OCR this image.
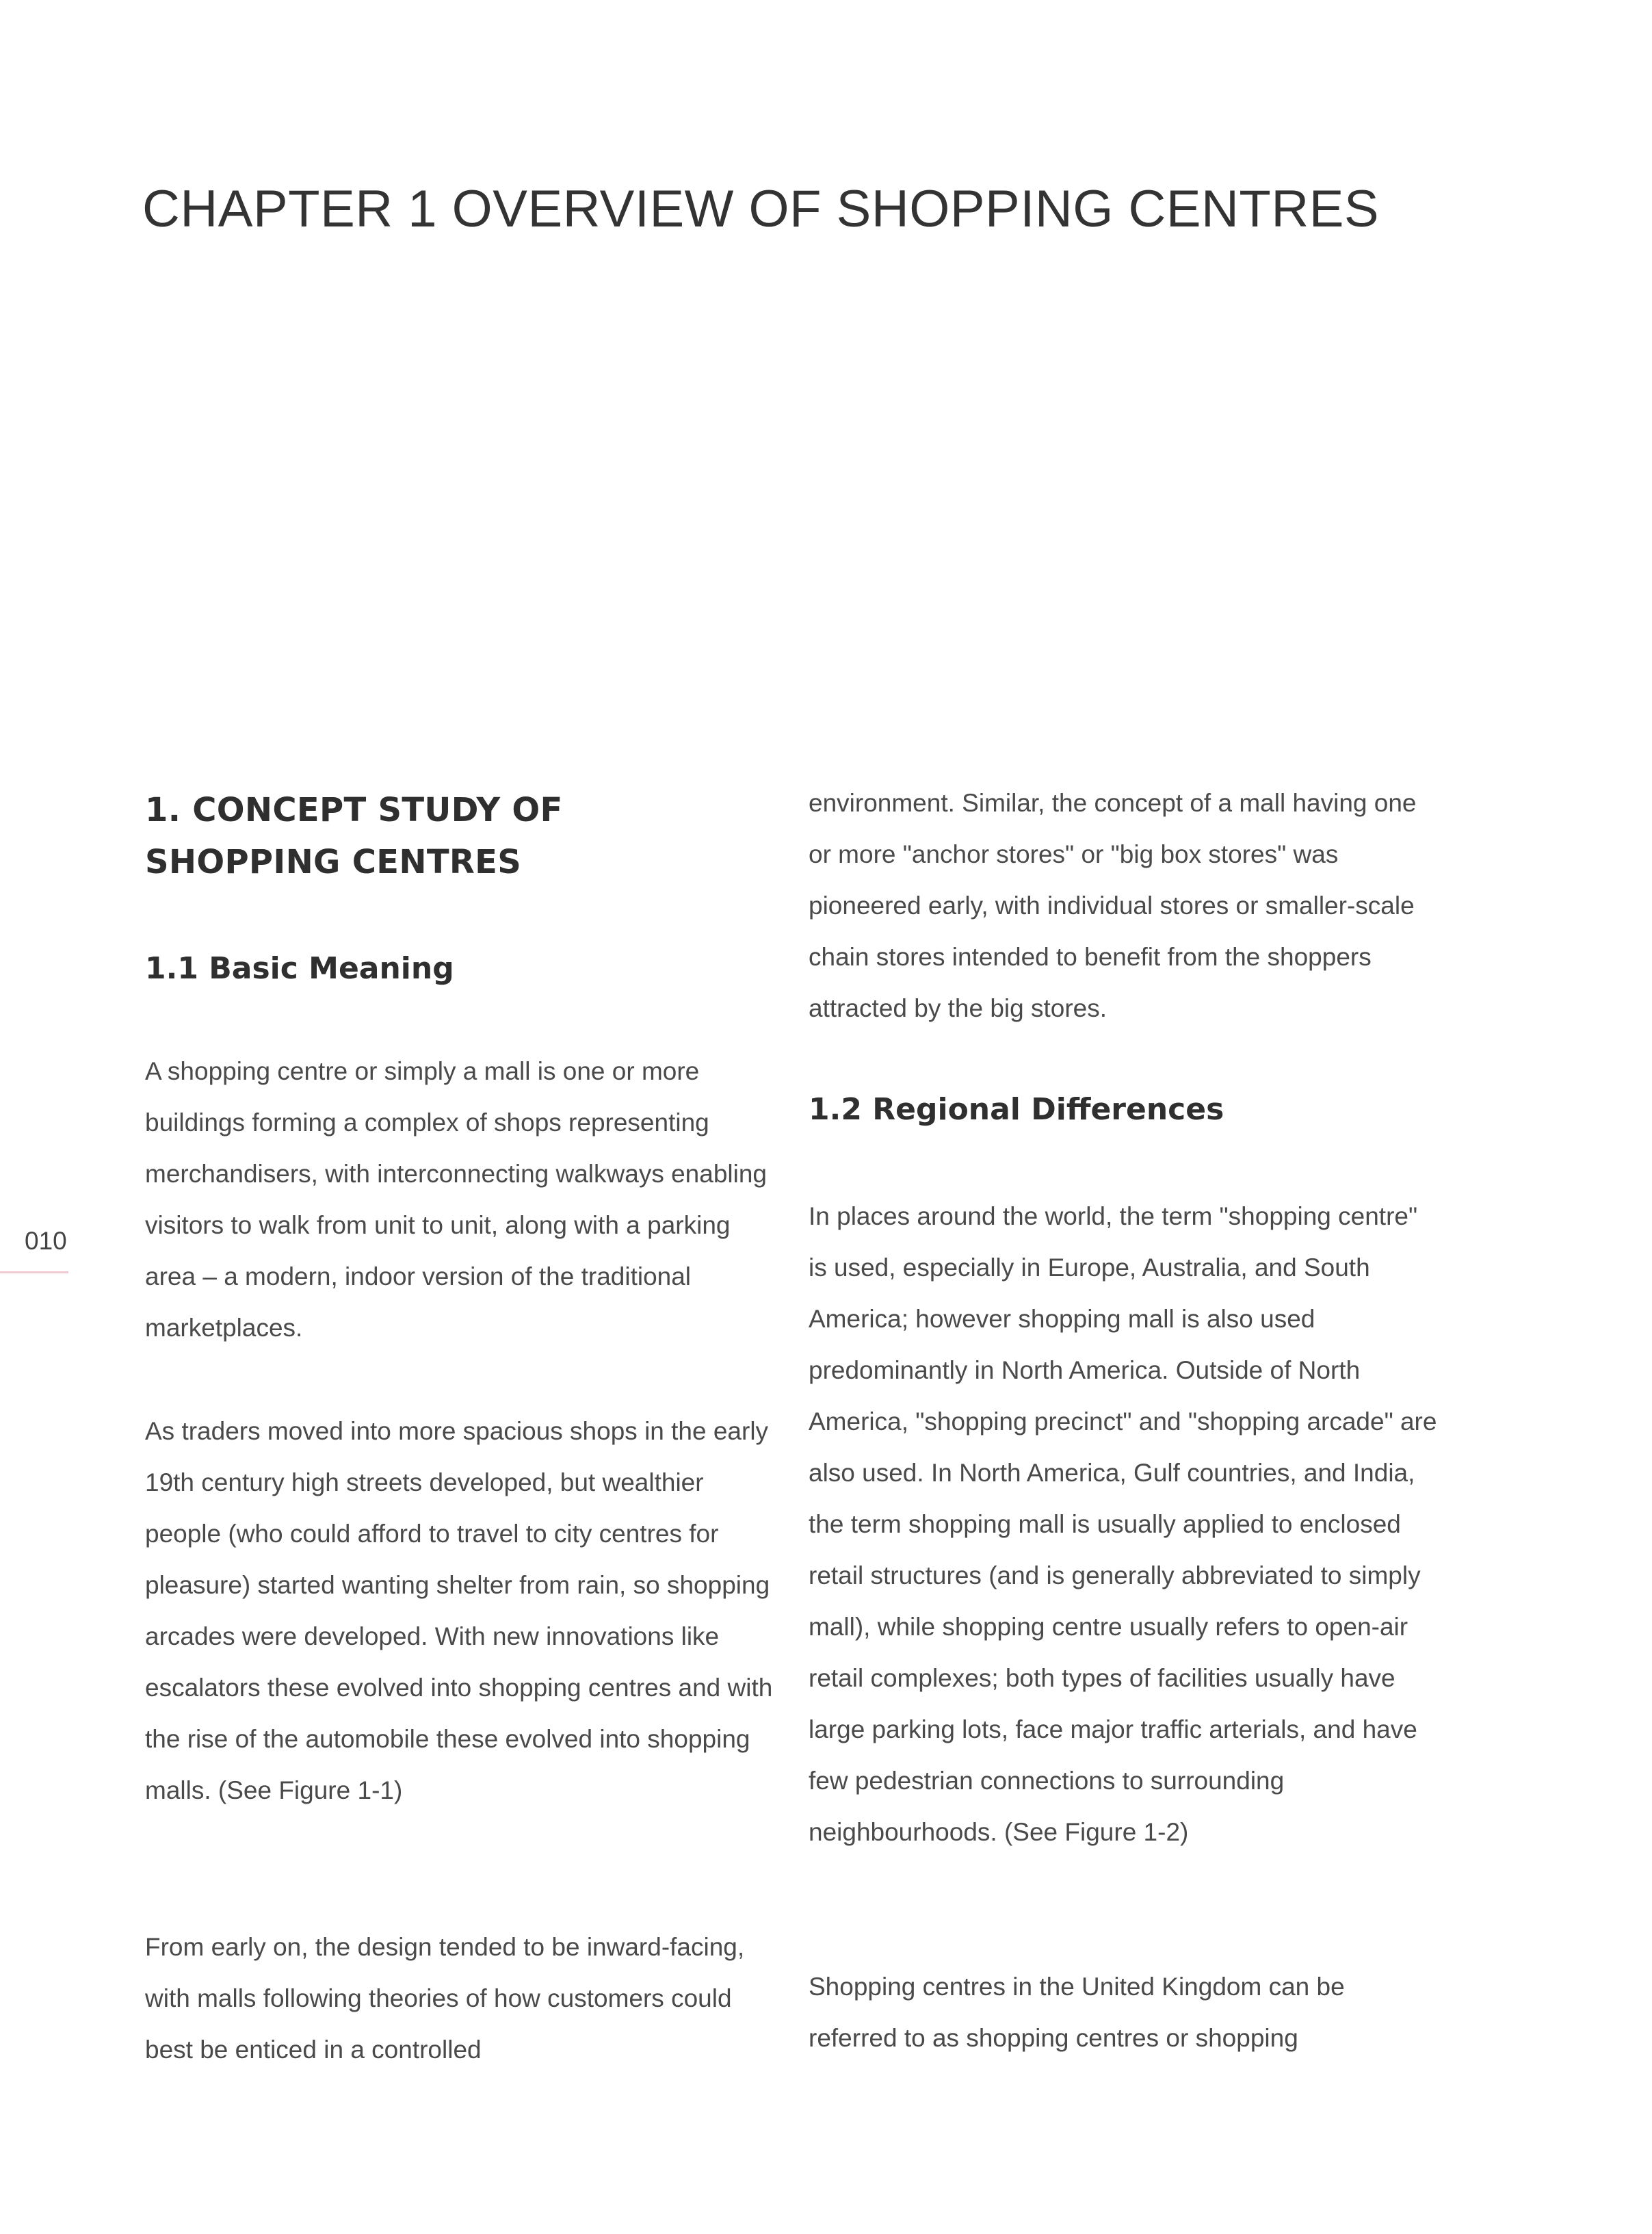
CHAPTER 1 OVERVIEW OF SHOPPING CENTRES
010
1. CONCEPT STUDY OF SHOPPING CENTRES
1.1 Basic Meaning

A shopping centre or simply a mall is one or more buildings forming a complex of shops representing merchandisers, with interconnecting walkways enabling visitors to walk from unit to unit, along with a parking area – a modern, indoor version of the traditional marketplaces.

As traders moved into more spacious shops in the early 19th century high streets developed, but wealthier people (who could afford to travel to city centres for pleasure) started wanting shelter from rain, so shopping arcades were developed. With new innovations like escalators these evolved into shopping centres and with the rise of the automobile these evolved into shopping malls. (See Figure 1-1)

From early on, the design tended to be inward-facing, with malls following theories of how customers could best be enticed in a controlled

environment. Similar, the concept of a mall having one or more "anchor stores" or "big box stores" was pioneered early, with individual stores or smaller-scale chain stores intended to benefit from the shoppers attracted by the big stores.

1.2 Regional Differences

In places around the world, the term "shopping centre" is used, especially in Europe, Australia, and South America; however shopping mall is also used predominantly in North America. Outside of North America, "shopping precinct" and "shopping arcade" are also used. In North America, Gulf countries, and India, the term shopping mall is usually applied to enclosed retail structures (and is generally abbreviated to simply mall), while shopping centre usually refers to open-air retail complexes; both types of facilities usually have large parking lots, face major traffic arterials, and have few pedestrian connections to surrounding neighbourhoods. (See Figure 1-2)

Shopping centres in the United Kingdom can be referred to as shopping centres or shopping
